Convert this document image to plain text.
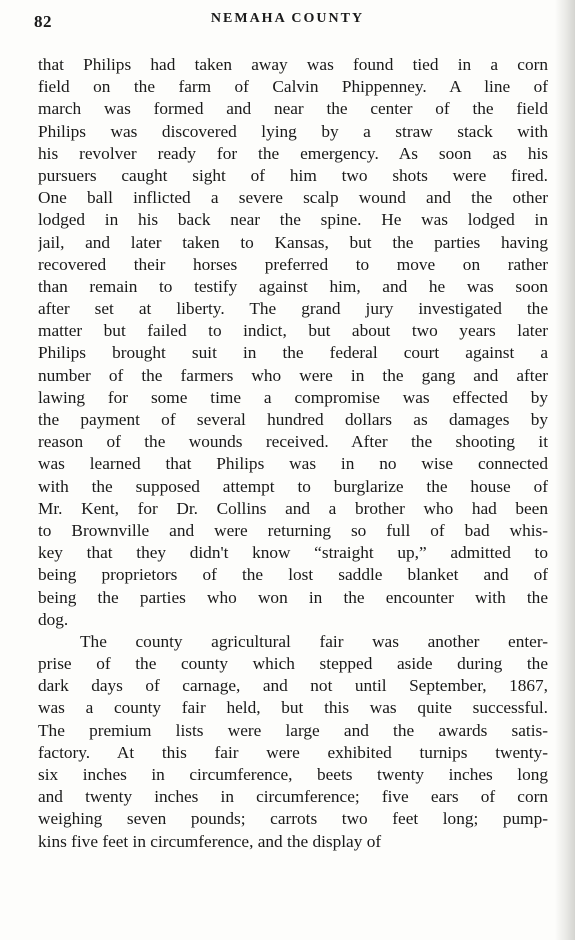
82	NEMAHA COUNTY
that Philips had taken away was found tied in a corn
field on the farm of Calvin Phippenney. A line of
march was formed and near the center of the field
Philips was discovered lying by a straw stack with
his revolver ready for the emergency. As soon as his
pursuers caught sight of him two shots were fired.
One ball inflicted a severe scalp wound and the other
lodged in his back near the spine. He was lodged in
jail, and later taken to Kansas, but the parties having
recovered their horses preferred to move on rather
than remain to testify against him, and he was soon
after set at liberty. The grand jury investigated the
matter but failed to indict, but about two years later
Philips brought suit in the federal court against a
number of the farmers who were in the gang and after
lawing for some time a compromise was effected by
the payment of several hundred dollars as damages by
reason of the wounds received. After the shooting it
was learned that Philips was in no wise connected
with the supposed attempt to burglarize the house of
Mr. Kent, for Dr. Collins and a brother who had been
to Brownville and were returning so full of bad whis-
key that they didn't know “straight up,” admitted to
being proprietors of the lost saddle blanket and of
being the parties who won in the encounter with the
dog.
The county agricultural fair was another enter-
prise of the county which stepped aside during the
dark days of carnage, and not until September, 1867,
was a county fair held, but this was quite successful.
The premium lists were large and the awards satis-
factory. At this fair were exhibited turnips twenty-
six inches in circumference, beets twenty inches long
and twenty inches in circumference; five ears of corn
weighing seven pounds; carrots two feet long; pump-
kins five feet in circumference, and the display of
